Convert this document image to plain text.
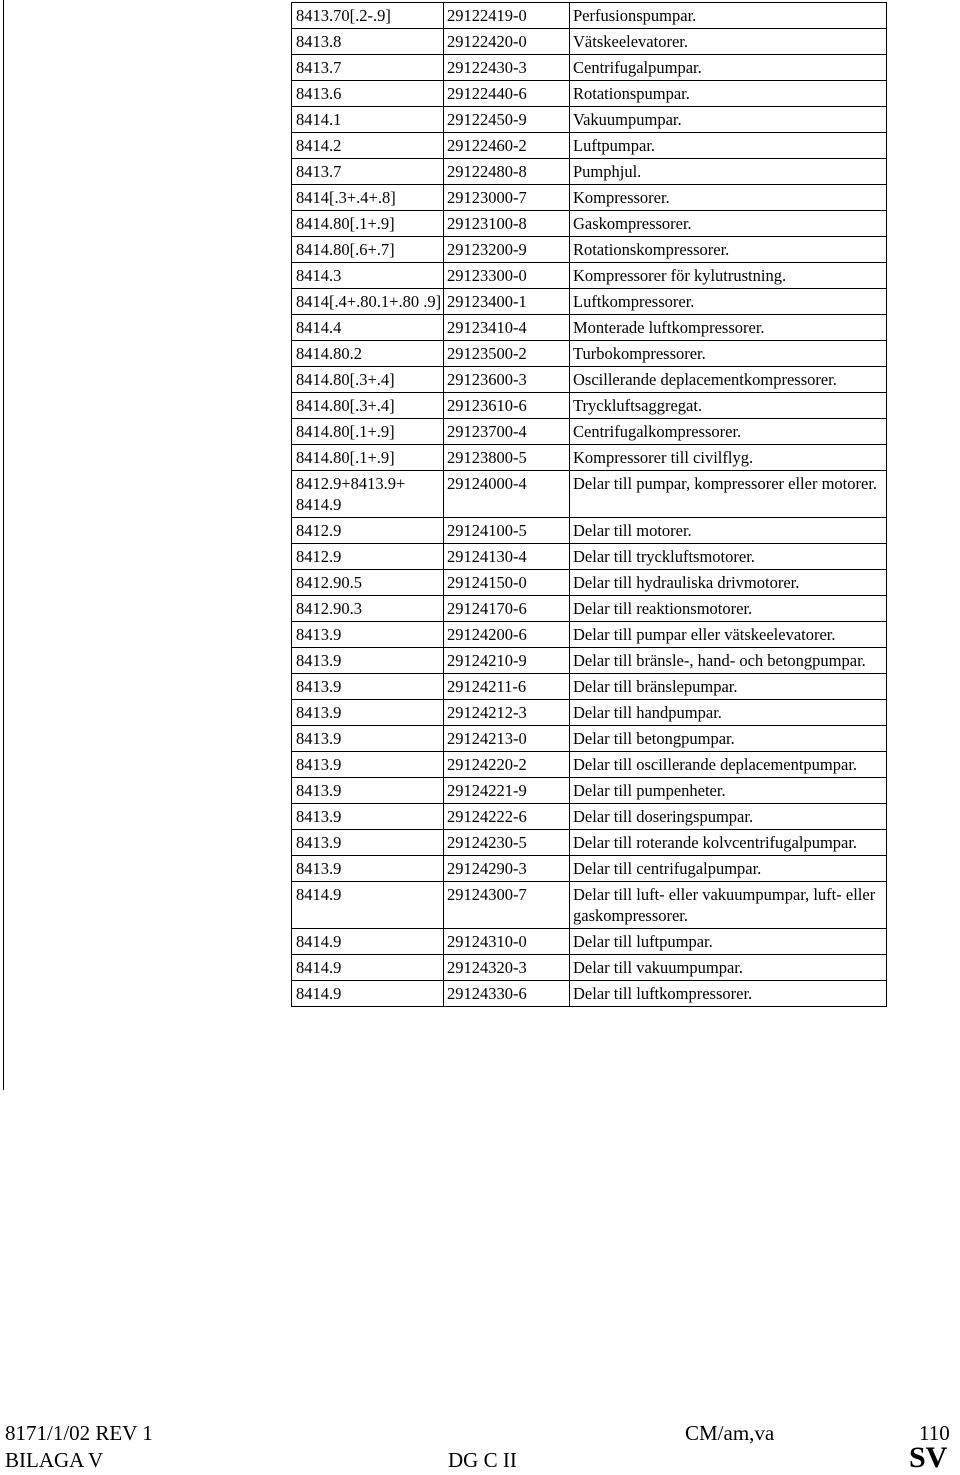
8413.70[.2-.9]	29122419-0	Perfusionspumpar.
8413.8	29122420-0	Vätskeelevatorer.
8413.7	29122430-3	Centrifugalpumpar.
8413.6	29122440-6	Rotationspumpar.
8414.1	29122450-9	Vakuumpumpar.
8414.2	29122460-2	Luftpumpar.
8413.7	29122480-8	Pumphjul.
8414[.3+.4+.8]	29123000-7	Kompressorer.
8414.80[.1+.9]	29123100-8	Gaskompressorer.
8414.80[.6+.7]	29123200-9	Rotationskompressorer.
8414.3	29123300-0	Kompressorer för kylutrustning.
8414[.4+.80.1+.80 .9]	29123400-1	Luftkompressorer.
8414.4	29123410-4	Monterade luftkompressorer.
8414.80.2	29123500-2	Turbokompressorer.
8414.80[.3+.4]	29123600-3	Oscillerande deplacementkompressorer.
8414.80[.3+.4]	29123610-6	Tryckluftsaggregat.
8414.80[.1+.9]	29123700-4	Centrifugalkompressorer.
8414.80[.1+.9]	29123800-5	Kompressorer till civilflyg.
8412.9+8413.9+ 8414.9	29124000-4	Delar till pumpar, kompressorer eller motorer.
8412.9	29124100-5	Delar till motorer.
8412.9	29124130-4	Delar till tryckluftsmotorer.
8412.90.5	29124150-0	Delar till hydrauliska drivmotorer.
8412.90.3	29124170-6	Delar till reaktionsmotorer.
8413.9	29124200-6	Delar till pumpar eller vätskeelevatorer.
8413.9	29124210-9	Delar till bränsle-, hand- och betongpumpar.
8413.9	29124211-6	Delar till bränslepumpar.
8413.9	29124212-3	Delar till handpumpar.
8413.9	29124213-0	Delar till betongpumpar.
8413.9	29124220-2	Delar till oscillerande deplacementpumpar.
8413.9	29124221-9	Delar till pumpenheter.
8413.9	29124222-6	Delar till doseringspumpar.
8413.9	29124230-5	Delar till roterande kolvcentrifugalpumpar.
8413.9	29124290-3	Delar till centrifugalpumpar.
8414.9	29124300-7	Delar till luft- eller vakuumpumpar, luft- eller gaskompressorer.
8414.9	29124310-0	Delar till luftpumpar.
8414.9	29124320-3	Delar till vakuumpumpar.
8414.9	29124330-6	Delar till luftkompressorer.
8171/1/02 REV 1
BILAGA V
CM/am,va
DG C II
110
SV
